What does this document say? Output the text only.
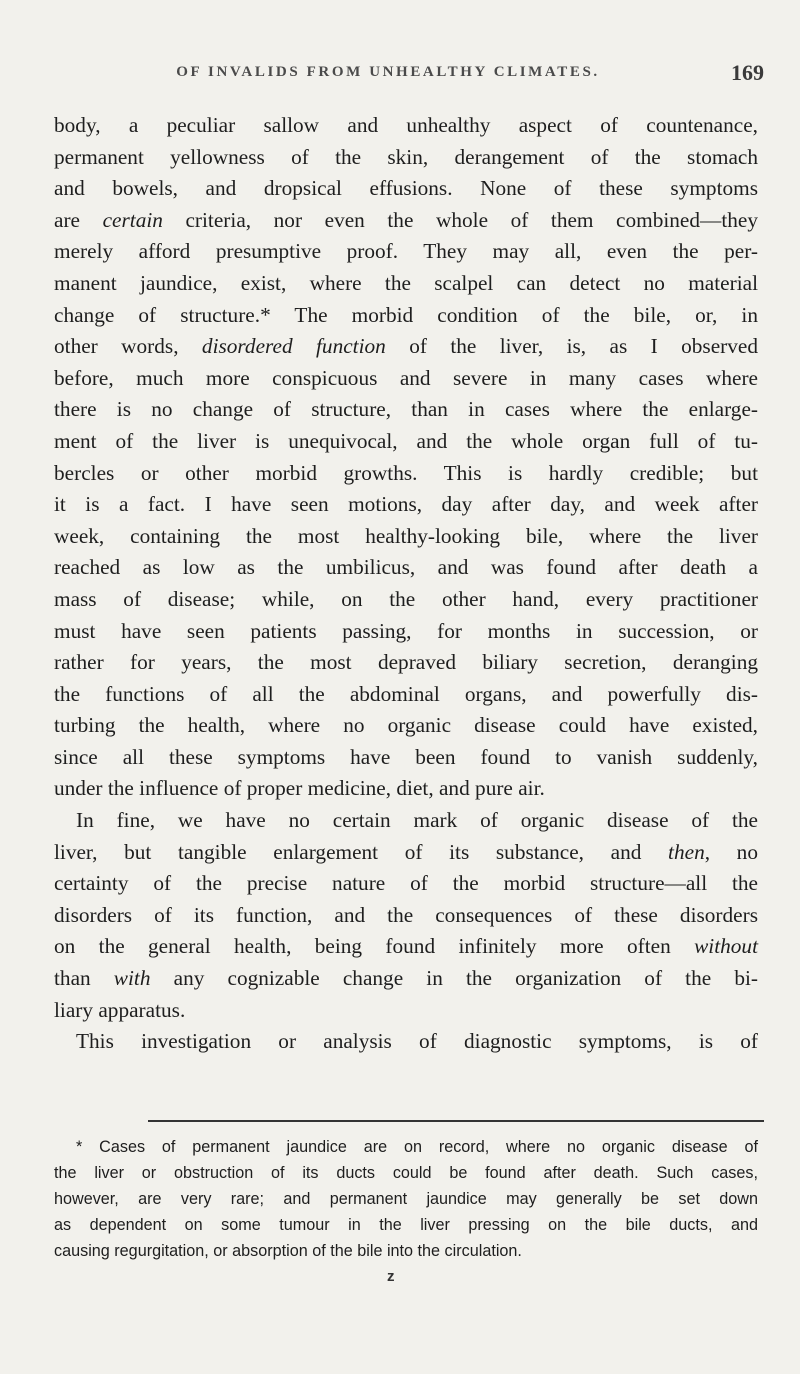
OF INVALIDS FROM UNHEALTHY CLIMATES.	169
body, a peculiar sallow and unhealthy aspect of countenance,
permanent yellowness of the skin, derangement of the stomach
and bowels, and dropsical effusions. None of these symptoms
are certain criteria, nor even the whole of them combined—they
merely afford presumptive proof. They may all, even the per-
manent jaundice, exist, where the scalpel can detect no material
change of structure.* The morbid condition of the bile, or, in
other words, disordered function of the liver, is, as I observed
before, much more conspicuous and severe in many cases where
there is no change of structure, than in cases where the enlarge-
ment of the liver is unequivocal, and the whole organ full of tu-
bercles or other morbid growths. This is hardly credible; but
it is a fact. I have seen motions, day after day, and week after
week, containing the most healthy-looking bile, where the liver
reached as low as the umbilicus, and was found after death a
mass of disease; while, on the other hand, every practitioner
must have seen patients passing, for months in succession, or
rather for years, the most depraved biliary secretion, deranging
the functions of all the abdominal organs, and powerfully dis-
turbing the health, where no organic disease could have existed,
since all these symptoms have been found to vanish suddenly,
under the influence of proper medicine, diet, and pure air.
In fine, we have no certain mark of organic disease of the
liver, but tangible enlargement of its substance, and then, no
certainty of the precise nature of the morbid structure—all the
disorders of its function, and the consequences of these disorders
on the general health, being found infinitely more often without
than with any cognizable change in the organization of the bi-
liary apparatus.
This investigation or analysis of diagnostic symptoms, is of
* Cases of permanent jaundice are on record, where no organic disease of
the liver or obstruction of its ducts could be found after death. Such cases,
however, are very rare; and permanent jaundice may generally be set down
as dependent on some tumour in the liver pressing on the bile ducts, and
causing regurgitation, or absorption of the bile into the circulation.
z
